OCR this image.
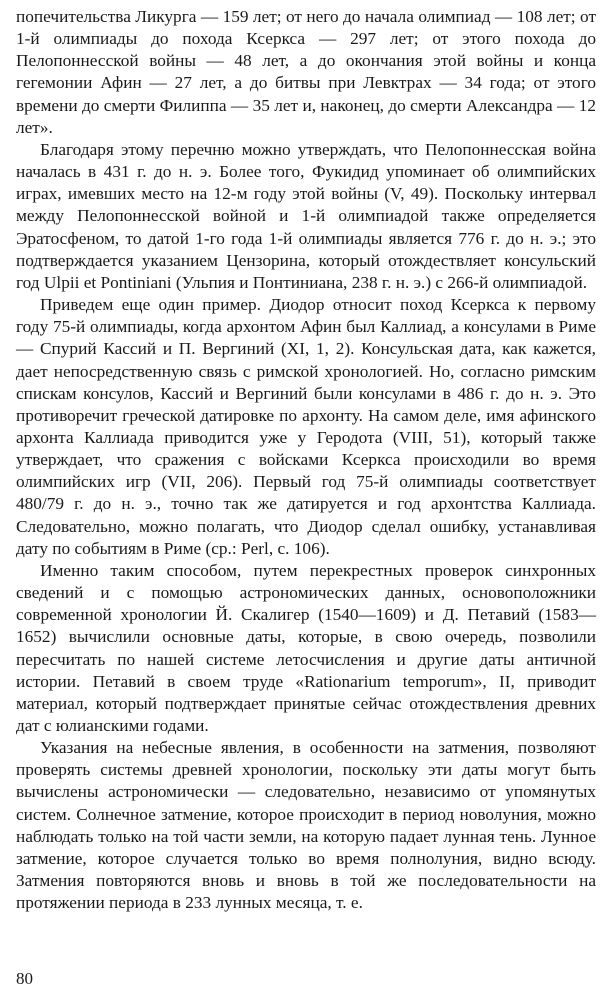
попечительства Ликурга — 159 лет; от него до начала олимпиад — 108 лет; от 1-й олимпиады до похода Ксеркса — 297 лет; от этого похода до Пелопоннесской войны — 48 лет, а до окончания этой войны и конца гегемонии Афин — 27 лет, а до битвы при Левктрах — 34 года; от этого времени до смерти Филиппа — 35 лет и, наконец, до смерти Александра — 12 лет».

Благодаря этому перечню можно утверждать, что Пелопоннесская война началась в 431 г. до н. э. Более того, Фукидид упоминает об олимпийских играх, имевших место на 12-м году этой войны (V, 49). Поскольку интервал между Пелопоннесской войной и 1-й олимпиадой также определяется Эратосфеном, то датой 1-го года 1-й олимпиады является 776 г. до н. э.; это подтверждается указанием Цензорина, который отождествляет консульский год Ulpii et Pontiniani (Ульпия и Понтиниана, 238 г. н. э.) с 266-й олимпиадой.

Приведем еще один пример. Диодор относит поход Ксеркса к первому году 75-й олимпиады, когда архонтом Афин был Каллиад, а консулами в Риме — Спурий Кассий и П. Вергиний (XI, 1, 2). Консульская дата, как кажется, дает непосредственную связь с римской хронологией. Но, согласно римским спискам консулов, Кассий и Вергиний были консулами в 486 г. до н. э. Это противоречит греческой датировке по архонту. На самом деле, имя афинского архонта Каллиада приводится уже у Геродота (VIII, 51), который также утверждает, что сражения с войсками Ксеркса происходили во время олимпийских игр (VII, 206). Первый год 75-й олимпиады соответствует 480/79 г. до н. э., точно так же датируется и год архонтства Каллиада. Следовательно, можно полагать, что Диодор сделал ошибку, устанавливая дату по событиям в Риме (ср.: Perl, с. 106).

Именно таким способом, путем перекрестных проверок синхронных сведений и с помощью астрономических данных, основоположники современной хронологии Й. Скалигер (1540—1609) и Д. Петавий (1583—1652) вычислили основные даты, которые, в свою очередь, позволили пересчитать по нашей системе летосчисления и другие даты античной истории. Петавий в своем труде «Rationarium temporum», II, приводит материал, который подтверждает принятые сейчас отождествления древних дат с юлианскими годами.

Указания на небесные явления, в особенности на затмения, позволяют проверять системы древней хронологии, поскольку эти даты могут быть вычислены астрономически — следовательно, независимо от упомянутых систем. Солнечное затмение, которое происходит в период новолуния, можно наблюдать только на той части земли, на которую падает лунная тень. Лунное затмение, которое случается только во время полнолуния, видно всюду. Затмения повторяются вновь и вновь в той же последовательности на протяжении периода в 233 лунных месяца, т. е.

80
